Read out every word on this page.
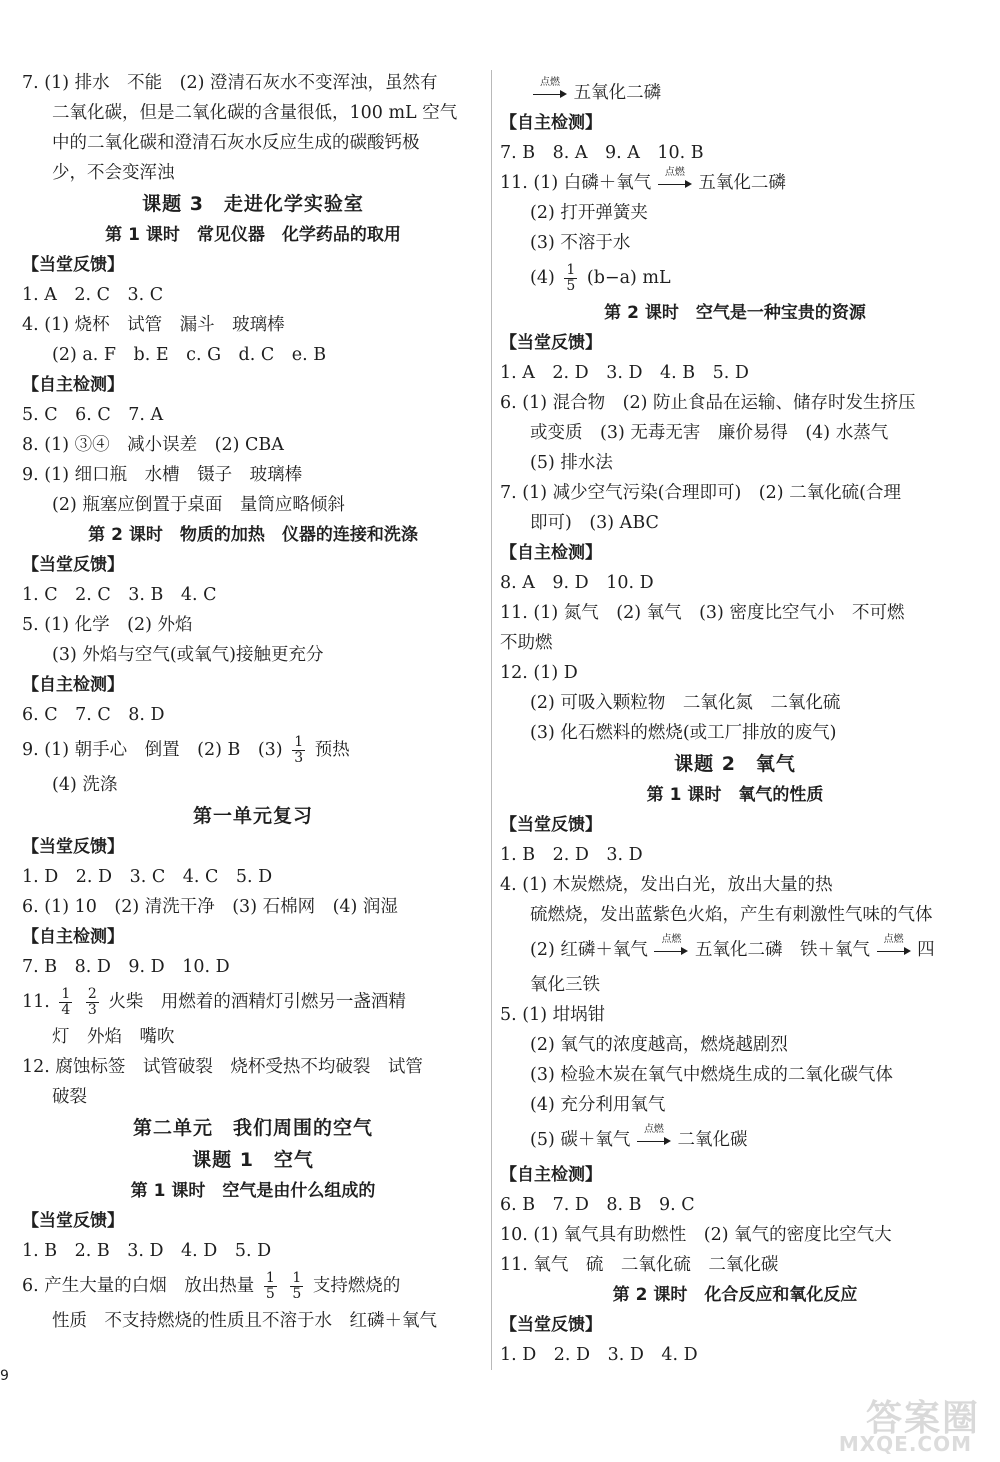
7. (1) 排水　不能　(2) 澄清石灰水不变浑浊，虽然有
二氧化碳，但是二氧化碳的含量很低，100 mL 空气
中的二氧化碳和澄清石灰水反应生成的碳酸钙极
少，不会变浑浊
课题 3　走进化学实验室
第 1 课时　常见仪器　化学药品的取用
【当堂反馈】
1. A　2. C　3. C
4. (1) 烧杯　试管　漏斗　玻璃棒
(2) a. F　b. E　c. G　d. C　e. B
【自主检测】
5. C　6. C　7. A
8. (1) ③④　减小误差　(2) CBA
9. (1) 细口瓶　水槽　镊子　玻璃棒
(2) 瓶塞应倒置于桌面　量筒应略倾斜
第 2 课时　物质的加热　仪器的连接和洗涤
【当堂反馈】
1. C　2. C　3. B　4. C
5. (1) 化学　(2) 外焰
(3) 外焰与空气(或氧气)接触更充分
【自主检测】
6. C　7. C　8. D
9. (1) 朝手心　倒置　(2) B　$(3) \frac{1}{3}$ 预热
(4) 洗涤
第一单元复习
【当堂反馈】
1. D　2. D　3. C　4. C　5. D
6. (1) 10　(2) 清洗干净　(3) 石棉网　(4) 润湿
【自主检测】
7. B　8. D　9. D　10. D
11. $\frac{1}{4}$
$\frac{2}{3}$ 火柴　用燃着的酒精灯引燃另一盏酒精
灯　外焰　嘴吹
12. 腐蚀标签　试管破裂　烧杯受热不均破裂　试管
破裂
第二单元　我们周围的空气
课题 1　空气
第 1 课时　空气是由什么组成的
【当堂反馈】
1. B　2. B　3. D　4. D　5. D
6. 产生大量的白烟　放出热量 $\frac{1}{5}$
$\frac{1}{5}$ 支持燃烧的
性质　不支持燃烧的性质且不溶于水　红磷＋氧气
点燃
五氧化二磷
【自主检测】
7. B　8. A　9. A　10. B
11. (1) 白磷＋氧气
点燃
五氧化二磷
(2) 打开弹簧夹
(3) 不溶于水
$(4) \frac{1}{5} (b-a)$ mL
第 2 课时　空气是一种宝贵的资源
【当堂反馈】
1. A　2. D　3. D　4. B　5. D
6. (1) 混合物　(2) 防止食品在运输、储存时发生挤压
或变质　(3) 无毒无害　廉价易得　(4) 水蒸气
(5) 排水法
7. (1) 减少空气污染(合理即可)　(2) 二氧化硫(合理
即可)　(3) ABC
【自主检测】
8. A　9. D　10. D
11. (1) 氮气　(2) 氧气　(3) 密度比空气小　不可燃
不助燃
12. (1) D
(2) 可吸入颗粒物　二氧化氮　二氧化硫
(3) 化石燃料的燃烧(或工厂排放的废气)
课题 2　氧气
第 1 课时　氧气的性质
【当堂反馈】
1. B　2. D　3. D
4. (1) 木炭燃烧，发出白光，放出大量的热
硫燃烧，发出蓝紫色火焰，产生有刺激性气味的气体
(2) 红磷＋氧气
点燃
五氧化二磷　铁＋氧气
点燃
四
氧化三铁
5. (1) 坩埚钳
(2) 氧气的浓度越高，燃烧越剧烈
(3) 检验木炭在氧气中燃烧生成的二氧化碳气体
(4) 充分利用氧气
(5) 碳＋氧气
点燃
二氧化碳
【自主检测】
6. B　7. D　8. B　9. C
10. (1) 氧气具有助燃性　(2) 氧气的密度比空气大
11. 氧气　硫　二氧化硫　二氧化碳
第 2 课时　化合反应和氧化反应
【当堂反馈】
1. D　2. D　3. D　4. D
9
答案圈
MXQE.COM
